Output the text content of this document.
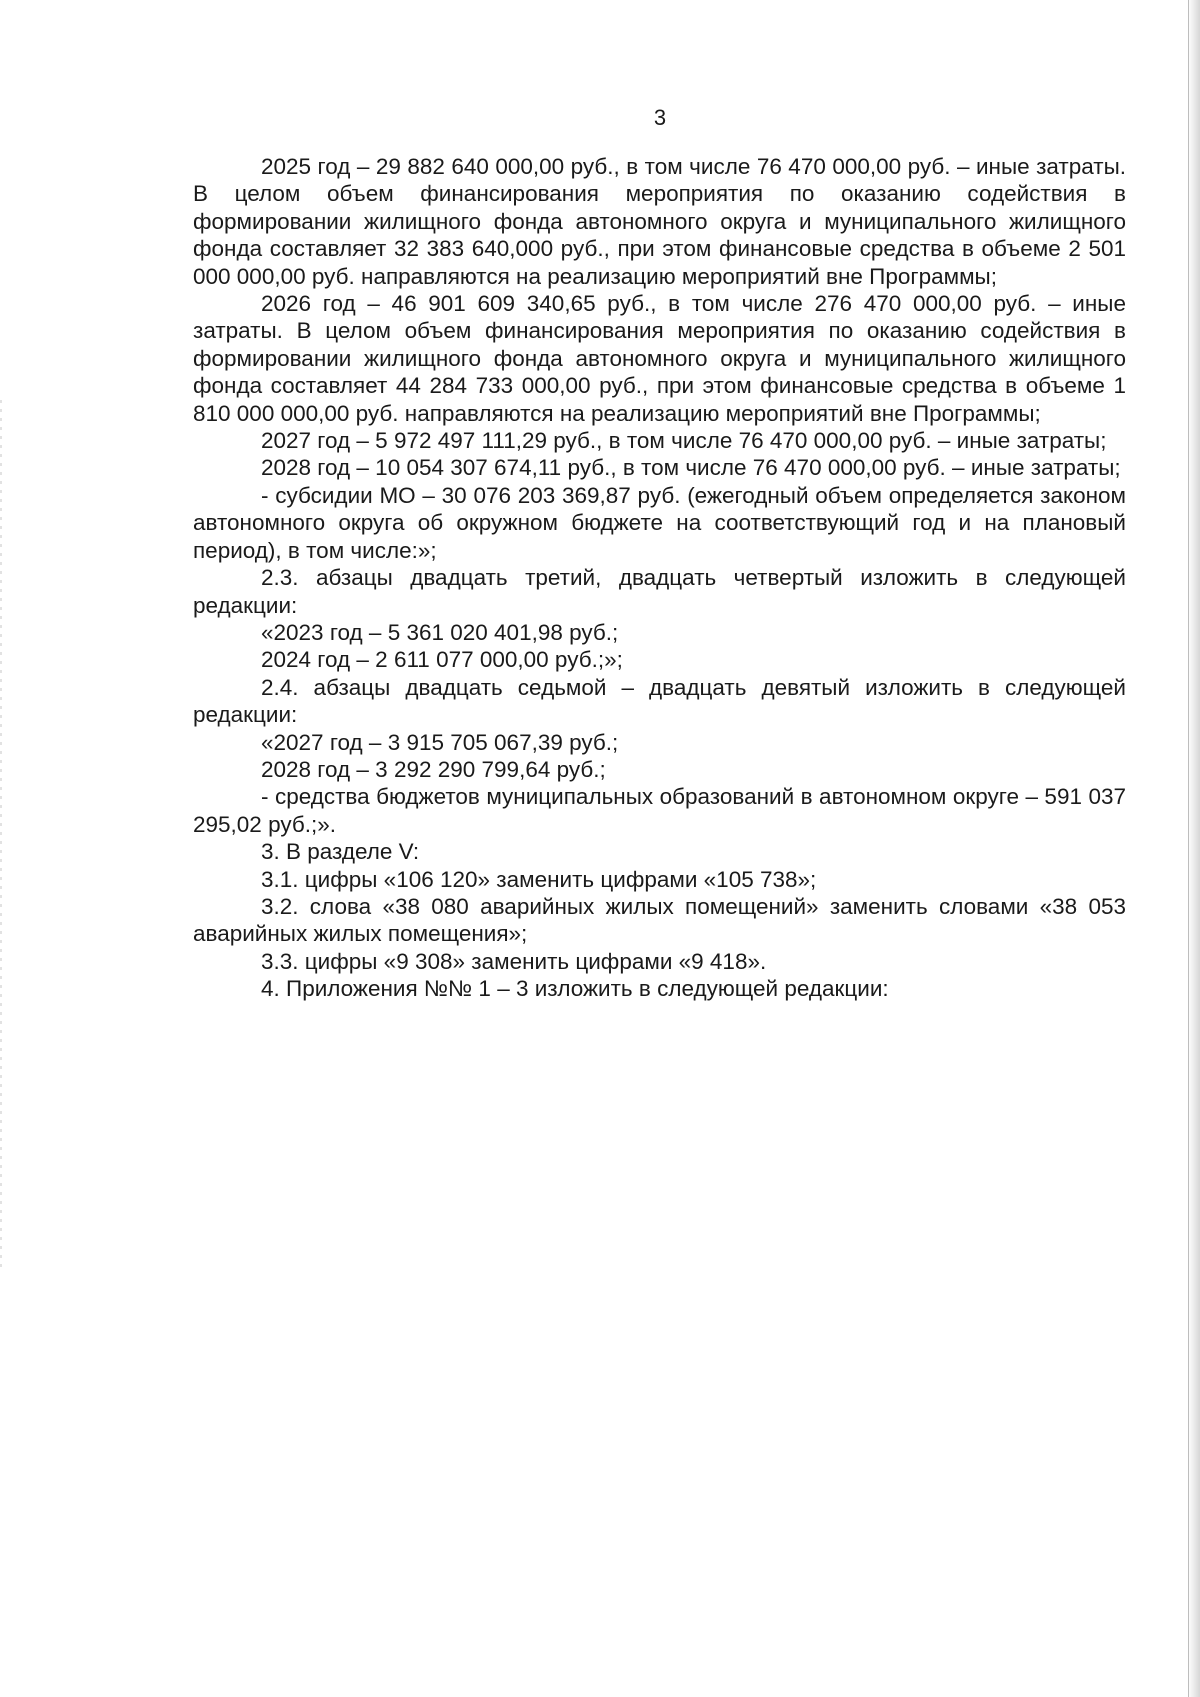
3

2025 год – 29 882 640 000,00 руб., в том числе 76 470 000,00 руб. – иные затраты. В целом объем финансирования мероприятия по оказанию содействия в формировании жилищного фонда автономного округа и муниципального жилищного фонда составляет 32 383 640,000 руб., при этом финансовые средства в объеме 2 501 000 000,00 руб. направляются на реализацию мероприятий вне Программы;

2026 год – 46 901 609 340,65 руб., в том числе 276 470 000,00 руб. – иные затраты. В целом объем финансирования мероприятия по оказанию содействия в формировании жилищного фонда автономного округа и муниципального жилищного фонда составляет 44 284 733 000,00 руб., при этом финансовые средства в объеме 1 810 000 000,00 руб. направляются на реализацию мероприятий вне Программы;

2027 год – 5 972 497 111,29 руб., в том числе 76 470 000,00 руб. – иные затраты;

2028 год – 10 054 307 674,11 руб., в том числе 76 470 000,00 руб. – иные затраты;

- субсидии МО – 30 076 203 369,87 руб. (ежегодный объем определяется законом автономного округа об окружном бюджете на соответствующий год и на плановый период), в том числе:»;

2.3. абзацы двадцать третий, двадцать четвертый изложить в следующей редакции:

«2023 год – 5 361 020 401,98 руб.;

2024 год – 2 611 077 000,00 руб.;»;

2.4. абзацы двадцать седьмой – двадцать девятый изложить в следующей редакции:

«2027 год – 3 915 705 067,39 руб.;

2028 год – 3 292 290 799,64 руб.;

- средства бюджетов муниципальных образований в автономном округе – 591 037 295,02 руб.;».

3. В разделе V:

3.1. цифры «106 120» заменить цифрами «105 738»;

3.2. слова «38 080 аварийных жилых помещений» заменить словами «38 053 аварийных жилых помещения»;

3.3. цифры «9 308» заменить цифрами «9 418».

4. Приложения №№ 1 – 3 изложить в следующей редакции:
